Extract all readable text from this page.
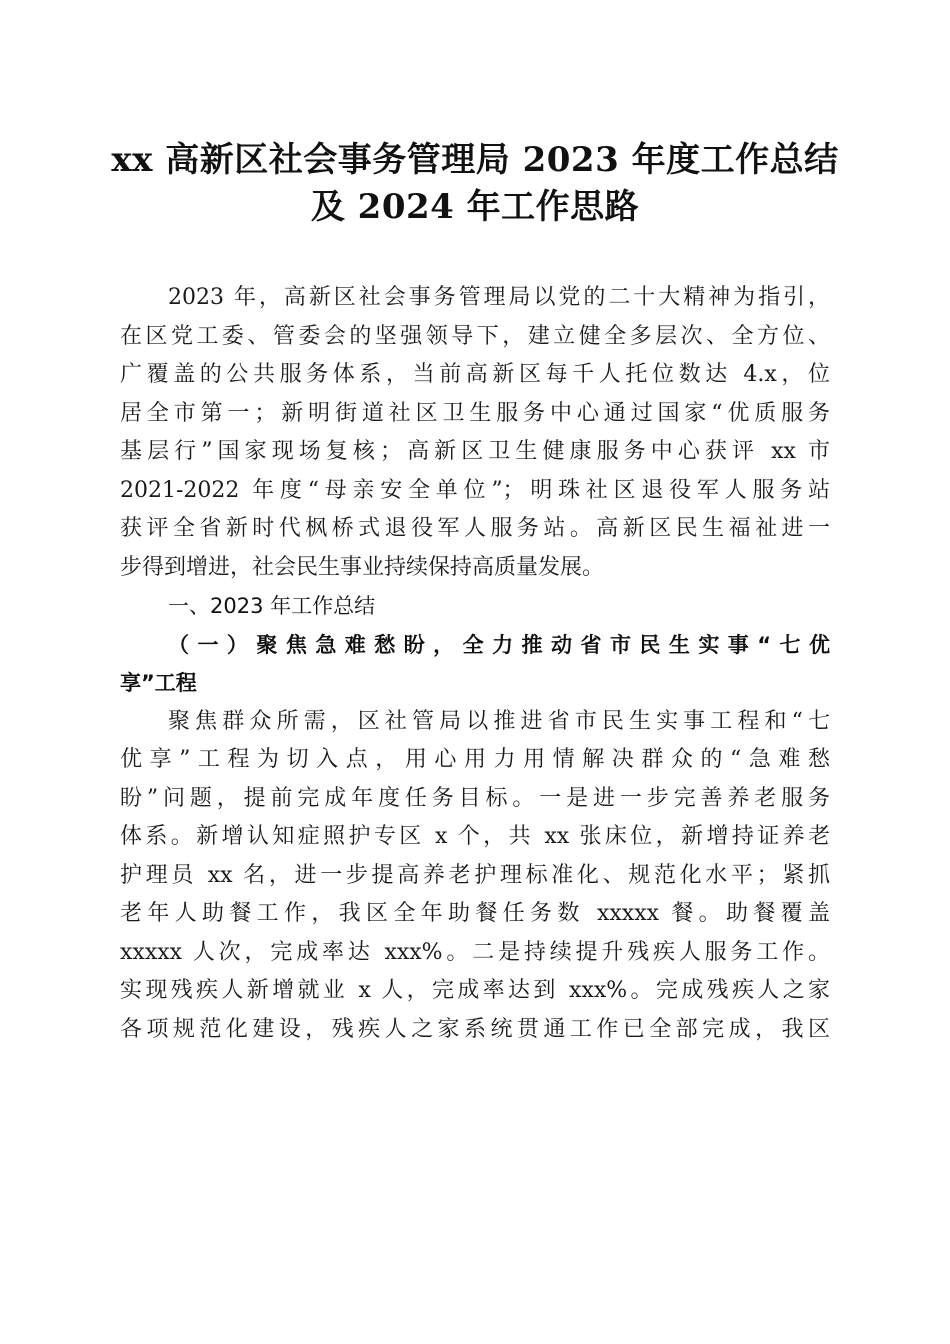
xx 高新区社会事务管理局 2023 年度工作总结
及 2024 年工作思路
2023 年，高新区社会事务管理局以党的二十大精神为指引，
在区党工委、管委会的坚强领导下，建立健全多层次、全方位、
广覆盖的公共服务体系，当前高新区每千人托位数达 4.x，位
居全市第一；新明街道社区卫生服务中心通过国家“优质服务
基层行”国家现场复核；高新区卫生健康服务中心获评 xx 市
2021-2022 年度“母亲安全单位”；明珠社区退役军人服务站
获评全省新时代枫桥式退役军人服务站。高新区民生福祉进一
步得到增进，社会民生事业持续保持高质量发展。
一、2023 年工作总结
（一）聚焦急难愁盼，全力推动省市民生实事“七优
享”工程
聚焦群众所需，区社管局以推进省市民生实事工程和“七
优享”工程为切入点，用心用力用情解决群众的“急难愁
盼”问题，提前完成年度任务目标。一是进一步完善养老服务
体系。新增认知症照护专区 x 个，共 xx 张床位，新增持证养老
护理员 xx 名，进一步提高养老护理标准化、规范化水平；紧抓
老年人助餐工作，我区全年助餐任务数 xxxxx 餐。助餐覆盖
xxxxx 人次，完成率达 xxx%。二是持续提升残疾人服务工作。
实现残疾人新增就业 x 人，完成率达到 xxx%。完成残疾人之家
各项规范化建设，残疾人之家系统贯通工作已全部完成，我区
